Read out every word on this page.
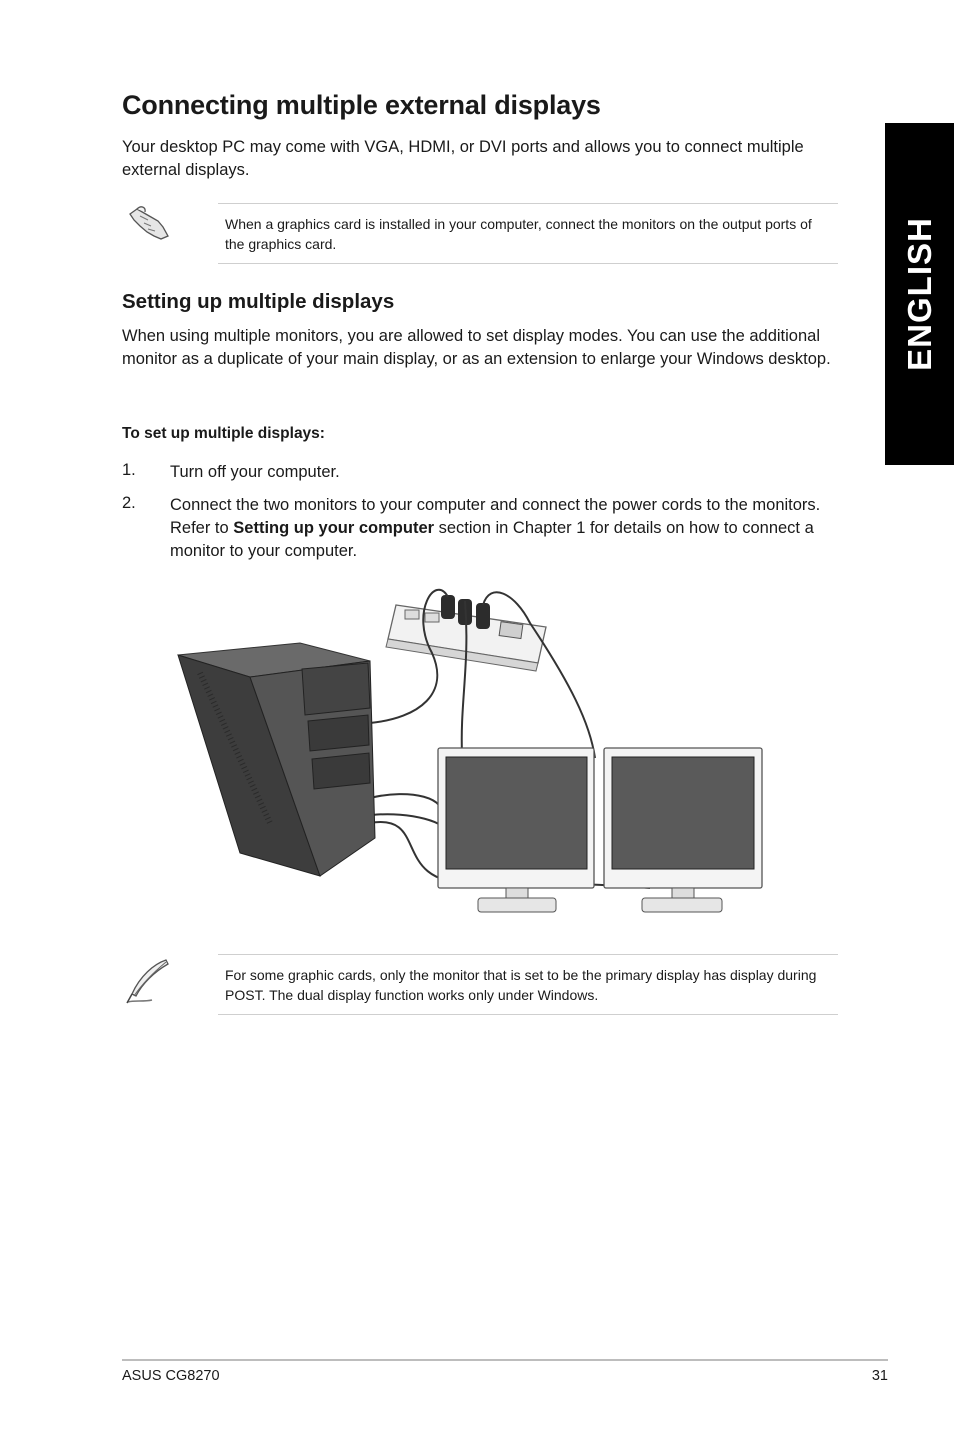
Connecting multiple external displays

Your desktop PC may come with VGA, HDMI, or DVI ports and allows you to connect multiple external displays.

When a graphics card is installed in your computer, connect the monitors on the output ports of the graphics card.
Setting up multiple displays

When using multiple monitors, you are allowed to set display modes. You can use the additional monitor as a duplicate of your main display, or as an extension to enlarge your Windows desktop.

To set up multiple displays:
1. Turn off your computer.
2. Connect the two monitors to your computer and connect the power cords to the monitors. Refer to Setting up your computer section in Chapter 1 for details on how to connect a monitor to your computer.
For some graphic cards, only the monitor that is set to be the primary display has display during POST. The dual display function works only under Windows.
ENGLISH
ASUS CG8270	31
